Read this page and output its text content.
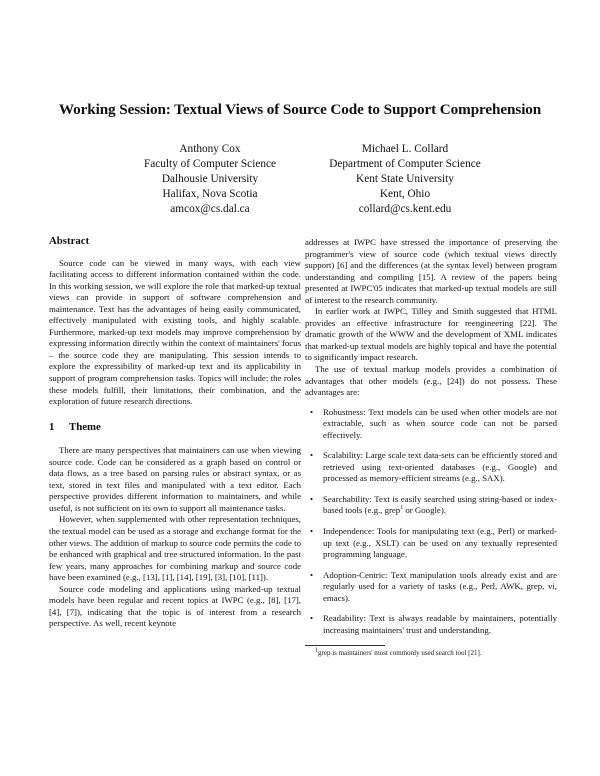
Working Session: Textual Views of Source Code to Support Comprehension
Anthony Cox
Faculty of Computer Science
Dalhousie University
Halifax, Nova Scotia
amcox@cs.dal.ca
Michael L. Collard
Department of Computer Science
Kent State University
Kent, Ohio
collard@cs.kent.edu
Abstract

Source code can be viewed in many ways, with each view facilitating access to different information contained within the code. In this working session, we will explore the role that marked-up textual views can provide in support of software comprehension and maintenance. Text has the advantages of being easily communicated, effectively manipulated with existing tools, and highly scalable. Furthermore, marked-up text models may improve comprehension by expressing information directly within the context of maintainers' focus – the source code they are manipulating. This session intends to explore the expressibility of marked-up text and its applicability in support of program comprehension tasks. Topics will include: the roles these models fulfill, their limitations, their combination, and the exploration of future research directions.

1 Theme

There are many perspectives that maintainers can use when viewing source code. Code can be considered as a graph based on control or data flows, as a tree based on parsing rules or abstract syntax, or as text, stored in text files and manipulated with a text editor. Each perspective provides different information to maintainers, and while useful, is not sufficient on its own to support all maintenance tasks.

However, when supplemented with other representation techniques, the textual model can be used as a storage and exchange format for the other views. The addition of markup to source code permits the code to be enhanced with graphical and tree structured information. In the past few years, many approaches for combining markup and source code have been examined (e.g., [13], [1], [14], [19], [3], [10], [11]).

Source code modeling and applications using marked-up textual models have been regular and recent topics at IWPC (e.g., [8], [17], [4], [7]), indicating that the topic is of interest from a research perspective. As well, recent keynote

addresses at IWPC have stressed the importance of preserving the programmer's view of source code (which textual views directly support) [6] and the differences (at the syntax level) between program understanding and compiling [15]. A review of the papers being presented at IWPC'05 indicates that marked-up textual models are still of interest to the research community.

In earlier work at IWPC, Tilley and Smith suggested that HTML provides an effective infrastructure for reengineering [22]. The dramatic growth of the WWW and the development of XML indicates that marked-up textual models are highly topical and have the potential to significantly impact research.

The use of textual markup models provides a combination of advantages that other models (e.g., [24]) do not possess. These advantages are:

• Robustness: Text models can be used when other models are not extractable, such as when source code can not be parsed effectively.
• Scalability: Large scale text data-sets can be efficiently stored and retrieved using text-oriented databases (e.g., Google) and processed as memory-efficient streams (e.g., SAX).
• Searchability: Text is easily searched using string-based or index-based tools (e.g., grep$^1$ or Google).
• Independence: Tools for manipulating text (e.g., Perl) or marked-up text (e.g., XSLT) can be used on any textually represented programming language.
• Adoption-Centric: Text manipulation tools already exist and are regularly used for a variety of tasks (e.g., Perl, AWK, grep, vi, emacs).
• Readability: Text is always readable by maintainers, potentially increasing maintainers' trust and understanding.
$^1$grep is maintainers' most commonly used search tool [21].
